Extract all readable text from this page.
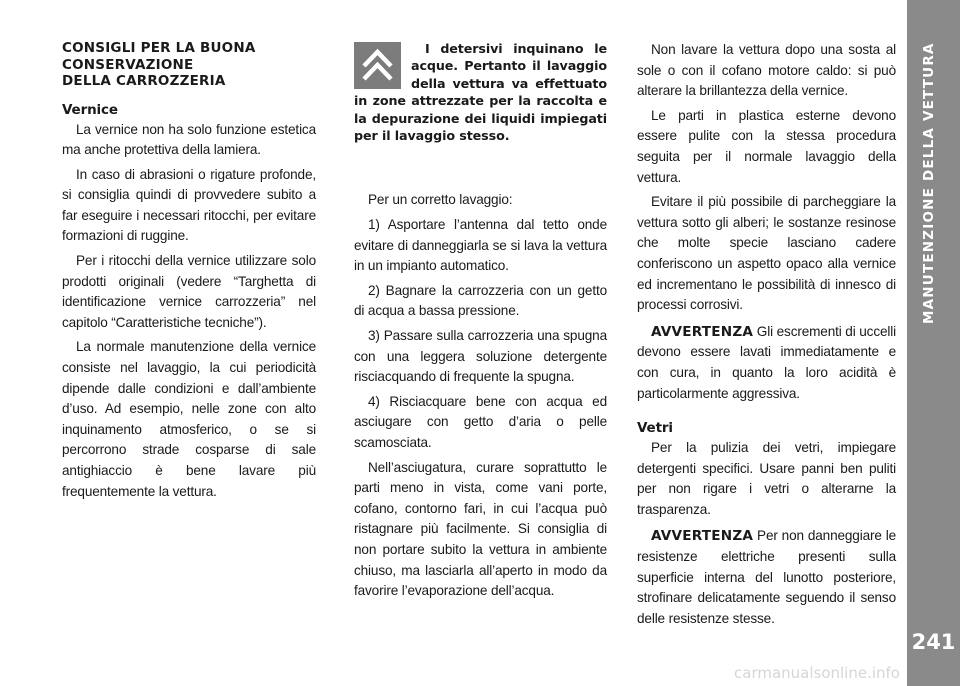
CONSIGLI PER LA BUONA
CONSERVAZIONE
DELLA CARROZZERIA
Vernice

La vernice non ha solo funzione estetica ma anche protettiva della lamiera.

In caso di abrasioni o rigature profonde, si consiglia quindi di provvedere subito a far eseguire i necessari ritocchi, per evitare formazioni di ruggine.

Per i ritocchi della vernice utilizzare solo prodotti originali (vedere “Targhetta di identificazione vernice carrozzeria” nel capitolo “Caratteristiche tecniche”).

La normale manutenzione della vernice consiste nel lavaggio, la cui periodicità dipende dalle condizioni e dall’ambiente d’uso. Ad esempio, nelle zone con alto inquinamento atmosferico, o se si percorrono strade cosparse di sale antighiaccio è bene lavare più frequentemente la vettura.

I detersivi inquinano le acque. Pertanto il lavaggio della vettura va effettuato in zone attrezzate per la raccolta e la depurazione dei liquidi impiegati per il lavaggio stesso.

Per un corretto lavaggio:

1) Asportare l’antenna dal tetto onde evitare di danneggiarla se si lava la vettura in un impianto automatico.

2) Bagnare la carrozzeria con un getto di acqua a bassa pressione.

3) Passare sulla carrozzeria una spugna con una leggera soluzione detergente risciacquando di frequente la spugna.

4) Risciacquare bene con acqua ed asciugare con getto d’aria o pelle scamosciata.

Nell’asciugatura, curare soprattutto le parti meno in vista, come vani porte, cofano, contorno fari, in cui l’acqua può ristagnare più facilmente. Si consiglia di non portare subito la vettura in ambiente chiuso, ma lasciarla all’aperto in modo da favorire l’evaporazione dell’acqua.

Non lavare la vettura dopo una sosta al sole o con il cofano motore caldo: si può alterare la brillantezza della vernice.

Le parti in plastica esterne devono essere pulite con la stessa procedura seguita per il normale lavaggio della vettura.

Evitare il più possibile di parcheggiare la vettura sotto gli alberi; le sostanze resinose che molte specie lasciano cadere conferiscono un aspetto opaco alla vernice ed incrementano le possibilità di innesco di processi corrosivi.

AVVERTENZA Gli escrementi di uccelli devono essere lavati immediatamente e con cura, in quanto la loro acidità è particolarmente aggressiva.

Vetri

Per la pulizia dei vetri, impiegare detergenti specifici. Usare panni ben puliti per non rigare i vetri o alterarne la trasparenza.

AVVERTENZA Per non danneggiare le resistenze elettriche presenti sulla superficie interna del lunotto posteriore, strofinare delicatamente seguendo il senso delle resistenze stesse.

MANUTENZIONE DELLA VETTURA
241
carmanualsonline.info
